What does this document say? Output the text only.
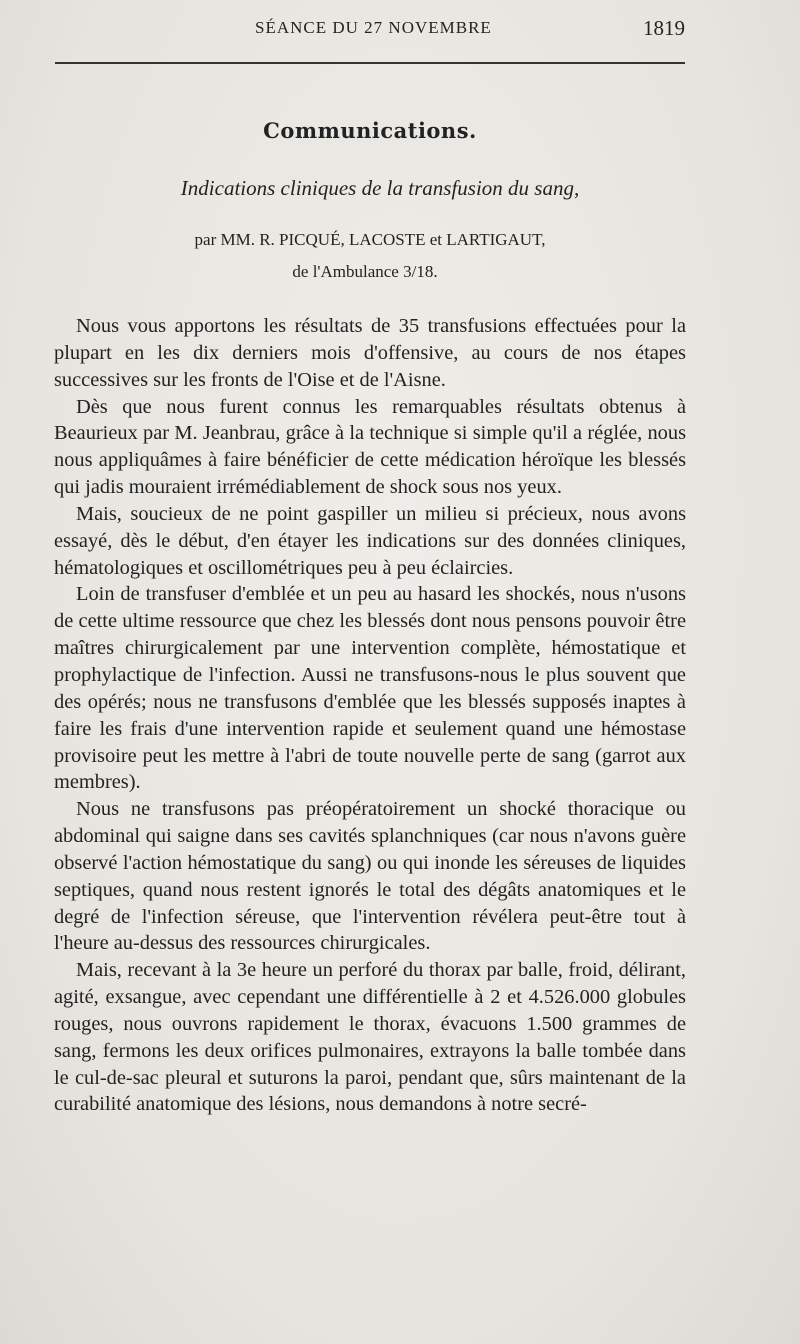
SÉANCE DU 27 NOVEMBRE	1819
Communications.
Indications cliniques de la transfusion du sang,
par MM. R. PICQUÉ, LACOSTE et LARTIGAUT,
de l'Ambulance 3/18.

Nous vous apportons les résultats de 35 transfusions effectuées pour la plupart en les dix derniers mois d'offensive, au cours de nos étapes successives sur les fronts de l'Oise et de l'Aisne.

Dès que nous furent connus les remarquables résultats obtenus à Beaurieux par M. Jeanbrau, grâce à la technique si simple qu'il a réglée, nous nous appliquâmes à faire bénéficier de cette médication héroïque les blessés qui jadis mouraient irrémédiablement de shock sous nos yeux.

Mais, soucieux de ne point gaspiller un milieu si précieux, nous avons essayé, dès le début, d'en étayer les indications sur des données cliniques, hématologiques et oscillométriques peu à peu éclaircies.

Loin de transfuser d'emblée et un peu au hasard les shockés, nous n'usons de cette ultime ressource que chez les blessés dont nous pensons pouvoir être maîtres chirurgicalement par une intervention complète, hémostatique et prophylactique de l'infection. Aussi ne transfusons-nous le plus souvent que des opérés; nous ne transfusons d'emblée que les blessés supposés inaptes à faire les frais d'une intervention rapide et seulement quand une hémostase provisoire peut les mettre à l'abri de toute nouvelle perte de sang (garrot aux membres).

Nous ne transfusons pas préopératoirement un shocké thoracique ou abdominal qui saigne dans ses cavités splanchniques (car nous n'avons guère observé l'action hémostatique du sang) ou qui inonde les séreuses de liquides septiques, quand nous restent ignorés le total des dégâts anatomiques et le degré de l'infection séreuse, que l'intervention révélera peut-être tout à l'heure au-dessus des ressources chirurgicales.

Mais, recevant à la 3e heure un perforé du thorax par balle, froid, délirant, agité, exsangue, avec cependant une différentielle à 2 et 4.526.000 globules rouges, nous ouvrons rapidement le thorax, évacuons 1.500 grammes de sang, fermons les deux orifices pulmonaires, extrayons la balle tombée dans le cul-de-sac pleural et suturons la paroi, pendant que, sûrs maintenant de la curabilité anatomique des lésions, nous demandons à notre secré-
